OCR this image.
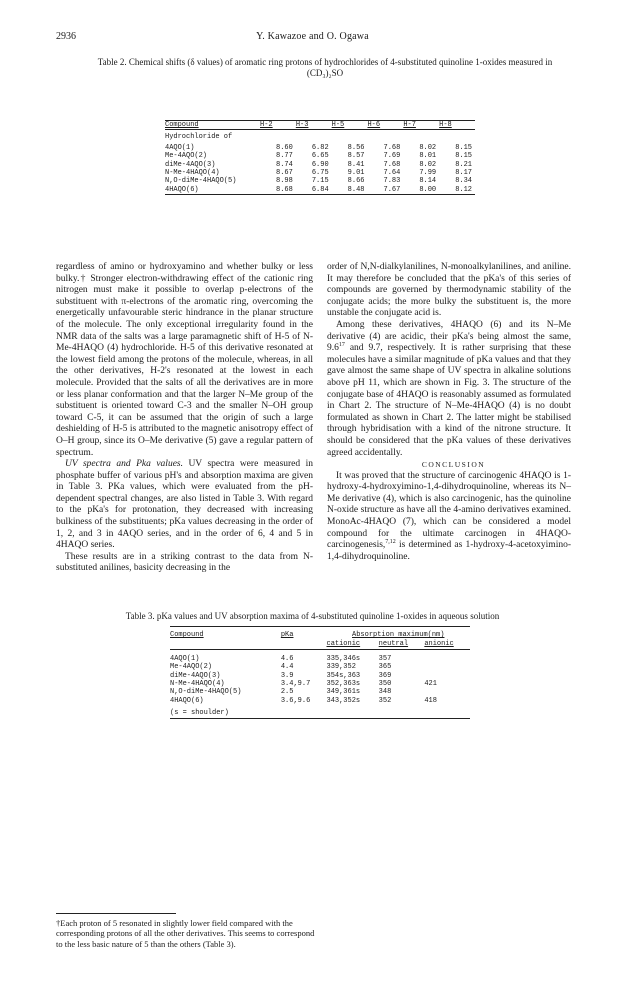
2936	Y. Kawazoe and O. Ogawa
Table 2. Chemical shifts (δ values) of aromatic ring protons of hydrochlorides of 4-substituted quinoline 1-oxides measured in (CD₃)₂SO
Compound	H-2	H-3	H-5	H-6	H-7	H-8
Hydrochloride of						
4AQO(1)	8.60	6.82	8.56	7.68	8.02	8.15
Me-4AQO(2)	8.77	6.65	8.57	7.69	8.01	8.15
diMe-4AQO(3)	8.74	6.90	8.41	7.68	8.02	8.21
N-Me-4HAQO(4)	8.67	6.75	9.01	7.64	7.99	8.17
N,O-diMe-4HAQO(5)	8.98	7.15	8.66	7.83	8.14	8.34
4HAQO(6)	8.68	6.84	8.48	7.67	8.00	8.12

regardless of amino or hydroxyamino and whether bulky or less bulky.† Stronger electron-withdrawing effect of the cationic ring nitrogen must make it possible to overlap p-electrons of the substituent with π-electrons of the aromatic ring, overcoming the energetically unfavourable steric hindrance in the planar structure of the molecule. The only exceptional irregularity found in the NMR data of the salts was a large paramagnetic shift of H-5 of N-Me-4HAQO (4) hydrochloride. H-5 of this derivative resonated at the lowest field among the protons of the molecule, whereas, in all the other derivatives, H-2's resonated at the lowest in each molecule. Provided that the salts of all the derivatives are in more or less planar conformation and that the larger N–Me group of the substituent is oriented toward C-3 and the smaller N–OH group toward C-5, it can be assumed that the origin of such a large deshielding of H-5 is attributed to the magnetic anisotropy effect of O–H group, since its O–Me derivative (5) gave a regular pattern of spectrum.

UV spectra and Pka values. UV spectra were measured in phosphate buffer of various pH's and absorption maxima are given in Table 3. PKa values, which were evaluated from the pH-dependent spectral changes, are also listed in Table 3. With regard to the pKa's for protonation, they decreased with increasing bulkiness of the substituents; pKa values decreasing in the order of 1, 2, and 3 in 4AQO series, and in the order of 6, 4 and 5 in 4HAQO series.

These results are in a striking contrast to the data from N-substituted anilines, basicity decreasing in the

order of N,N-dialkylanilines, N-monoalkylanilines, and aniline. It may therefore be concluded that the pKa's of this series of compounds are governed by thermodynamic stability of the conjugate acids; the more bulky the substituent is, the more unstable the conjugate acid is.

Among these derivatives, 4HAQO (6) and its N–Me derivative (4) are acidic, their pKa's being almost the same, $9.6^{17}$ and 9.7, respectively. It is rather surprising that these molecules have a similar magnitude of pKa values and that they gave almost the same shape of UV spectra in alkaline solutions above pH 11, which are shown in Fig. 3. The structure of the conjugate base of 4HAQO is reasonably assumed as formulated in Chart 2. The structure of N–Me-4HAQO (4) is no doubt formulated as shown in Chart 2. The latter might be stabilised through hybridisation with a kind of the nitrone structure. It should be considered that the pKa values of these derivatives agreed accidentally.

CONCLUSION

It was proved that the structure of carcinogenic 4HAQO is 1-hydroxy-4-hydroxyimino-1,4-dihydroquinoline, whereas its N–Me derivative (4), which is also carcinogenic, has the quinoline N-oxide structure as have all the 4-amino derivatives examined. MonoAc-4HAQO (7), which can be considered a model compound for the ultimate carcinogen in 4HAQO-carcinogenesis,$^{7,12}$ is determined as 1-hydroxy-4-acetoxyimino-1,4-dihydroquinoline.

Table 3. pKa values and UV absorption maxima of 4-substituted quinoline 1-oxides in aqueous solution
Compound	pKa	Absorption maximum(nm)		
		cationic	neutral	anionic

4AQO(1)	4.6	335,346s	357	
Me-4AQO(2)	4.4	339,352	365	
diMe-4AQO(3)	3.9	354s,363	369	
N-Me-4HAQO(4)	3.4,9.7	352,363s	350	421
N,O-diMe-4HAQO(5)	2.5	349,361s	348	
4HAQO(6)	3.6,9.6	343,352s	352	418

(s = shoulder)				

†Each proton of 5 resonated in slightly lower field compared with the corresponding protons of all the other derivatives. This seems to correspond to the less basic nature of 5 than the others (Table 3).
